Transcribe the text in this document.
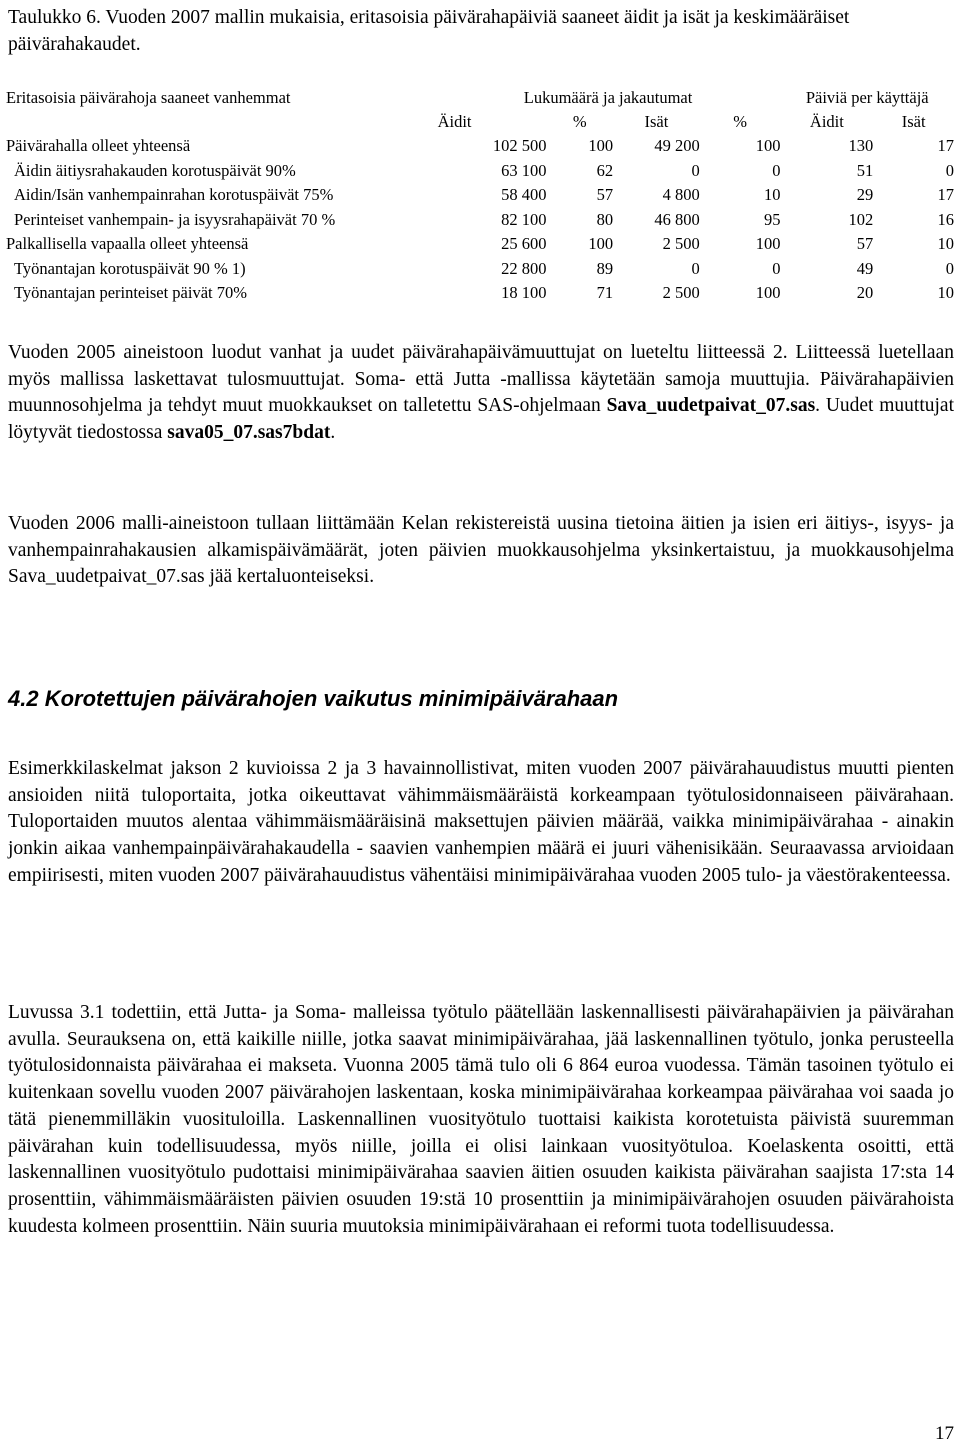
Taulukko 6. Vuoden 2007 mallin mukaisia, eritasoisia päivärahapäiviä saaneet äidit ja isät ja keskimääräiset päivärahakaudet.
Eritasoisia päivärahoja saaneet vanhemmat	Lukumäärä ja jakautumat				Päiviä per käyttäjä	
	Äidit	%	Isät	%	Äidit	Isät
Päivärahalla olleet yhteensä	102 500	100	49 200	100	130	17
Äidin äitiysrahakauden korotuspäivät 90%	63 100	62	0	0	51	0
Aidin/Isän vanhempainrahan korotuspäivät 75%	58 400	57	4 800	10	29	17
Perinteiset vanhempain- ja isyysrahapäivät 70 %	82 100	80	46 800	95	102	16
Palkallisella vapaalla olleet yhteensä	25 600	100	2 500	100	57	10
Työnantajan korotuspäivät 90 % 1)	22 800	89	0	0	49	0
Työnantajan perinteiset päivät 70%	18 100	71	2 500	100	20	10

Vuoden 2005 aineistoon luodut vanhat ja uudet päivärahapäivämuuttujat on lueteltu liitteessä 2. Liitteessä luetellaan myös mallissa laskettavat tulosmuuttujat. Soma- että Jutta -mallissa käytetään samoja muuttujia. Päivärahapäivien muunnosohjelma ja tehdyt muut muokkaukset on talletettu SAS-ohjelmaan Sava_uudetpaivat_07.sas. Uudet muuttujat löytyvät tiedostossa sava05_07.sas7bdat.

Vuoden 2006 malli-aineistoon tullaan liittämään Kelan rekistereistä uusina tietoina äitien ja isien eri äitiys-, isyys- ja vanhempainrahakausien alkamispäivämäärät, joten päivien muokkausohjelma yksinkertaistuu, ja muokkausohjelma Sava_uudetpaivat_07.sas jää kertaluonteiseksi.

4.2 Korotettujen päivärahojen vaikutus minimipäivärahaan

Esimerkkilaskelmat jakson 2 kuvioissa 2 ja 3 havainnollistivat, miten vuoden 2007 päivärahauudistus muutti pienten ansioiden niitä tuloportaita, jotka oikeuttavat vähimmäismääräistä korkeampaan työtulosidonnaiseen päivärahaan. Tuloportaiden muutos alentaa vähimmäismääräisinä maksettujen päivien määrää, vaikka minimipäivärahaa - ainakin jonkin aikaa vanhempainpäivärahakaudella - saavien vanhempien määrä ei juuri vähenisikään. Seuraavassa arvioidaan empiirisesti, miten vuoden 2007 päivärahauudistus vähentäisi minimipäivärahaa vuoden 2005 tulo- ja väestörakenteessa.

Luvussa 3.1 todettiin, että Jutta- ja Soma- malleissa työtulo päätellään laskennallisesti päivärahapäivien ja päivärahan avulla. Seurauksena on, että kaikille niille, jotka saavat minimipäivärahaa, jää laskennallinen työtulo, jonka perusteella työtulosidonnaista päivärahaa ei makseta. Vuonna 2005 tämä tulo oli 6 864 euroa vuodessa. Tämän tasoinen työtulo ei kuitenkaan sovellu vuoden 2007 päivärahojen laskentaan, koska minimipäivärahaa korkeampaa päivärahaa voi saada jo tätä pienemmilläkin vuosituloilla. Laskennallinen vuosityötulo tuottaisi kaikista korotetuista päivistä suuremman päivärahan kuin todellisuudessa, myös niille, joilla ei olisi lainkaan vuosityötuloa. Koelaskenta osoitti, että laskennallinen vuosityötulo pudottaisi minimipäivärahaa saavien äitien osuuden kaikista päivärahan saajista 17:sta 14 prosenttiin, vähimmäismääräisten päivien osuuden 19:stä 10 prosenttiin ja minimipäivärahojen osuuden päivärahoista kuudesta kolmeen prosenttiin. Näin suuria muutoksia minimipäivärahaan ei reformi tuota todellisuudessa.

17
